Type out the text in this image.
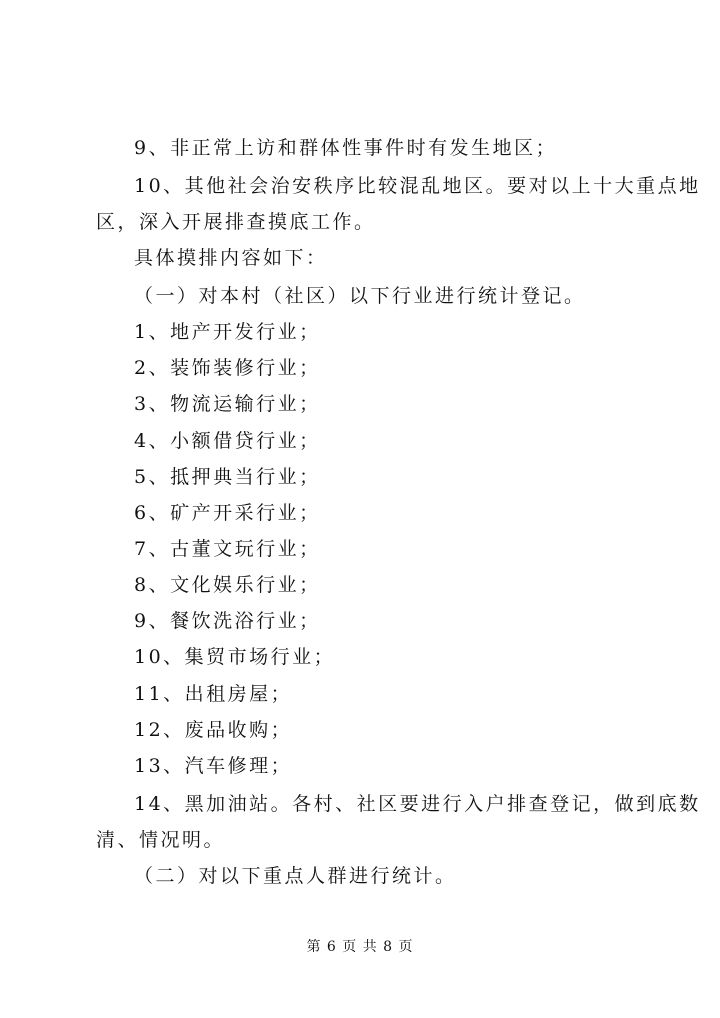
9、非正常上访和群体性事件时有发生地区；
10、其他社会治安秩序比较混乱地区。要对以上十大重点地
区，深入开展排查摸底工作。
具体摸排内容如下：
（一）对本村（社区）以下行业进行统计登记。
1、地产开发行业；
2、装饰装修行业；
3、物流运输行业；
4、小额借贷行业；
5、抵押典当行业；
6、矿产开采行业；
7、古董文玩行业；
8、文化娱乐行业；
9、餐饮洗浴行业；
10、集贸市场行业；
11、出租房屋；
12、废品收购；
13、汽车修理；
14、黑加油站。各村、社区要进行入户排查登记，做到底数
清、情况明。
（二）对以下重点人群进行统计。
第 6 页 共 8 页
